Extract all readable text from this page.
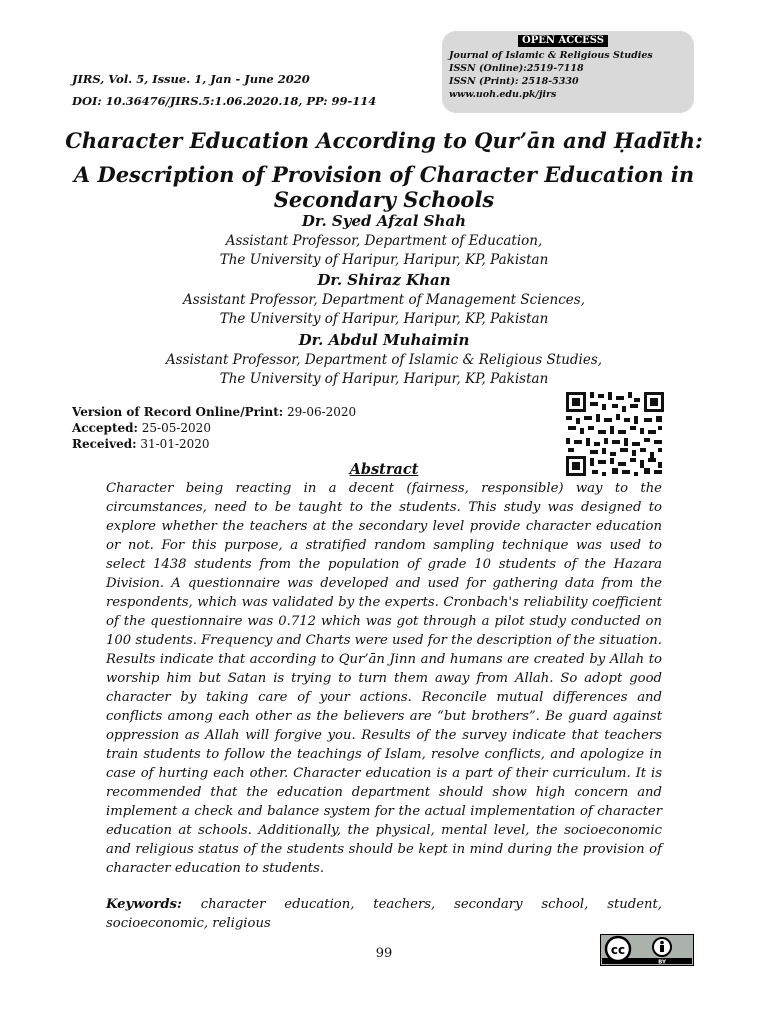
JIRS, Vol. 5, Issue. 1, Jan - June 2020
DOI: 10.36476/JIRS.5:1.06.2020.18, PP: 99-114
OPEN ACCESS
Journal of Islamic & Religious Studies
ISSN (Online):2519-7118
ISSN (Print): 2518-5330
www.uoh.edu.pk/jirs
Character Education According to Qur’ān and Ḥadīth:
A Description of Provision of Character Education in Secondary Schools
Dr. Syed Afzal Shah
Assistant Professor, Department of Education,
The University of Haripur, Haripur, KP, Pakistan
Dr. Shiraz Khan
Assistant Professor, Department of Management Sciences,
The University of Haripur, Haripur, KP, Pakistan
Dr. Abdul Muhaimin
Assistant Professor, Department of Islamic & Religious Studies,
The University of Haripur, Haripur, KP, Pakistan
Version of Record Online/Print: 29-06-2020
Accepted: 25-05-2020
Received: 31-01-2020
Abstract
Character being reacting in a decent (fairness, responsible) way to the circumstances, need to be taught to the students. This study was designed to explore whether the teachers at the secondary level provide character education or not. For this purpose, a stratified random sampling technique was used to select 1438 students from the population of grade 10 students of the Hazara Division. A questionnaire was developed and used for gathering data from the respondents, which was validated by the experts. Cronbach's reliability coefficient of the questionnaire was 0.712 which was got through a pilot study conducted on 100 students. Frequency and Charts were used for the description of the situation. Results indicate that according to Qur’ān Jinn and humans are created by Allah to worship him but Satan is trying to turn them away from Allah. So adopt good character by taking care of your actions. Reconcile mutual differences and conflicts among each other as the believers are “but brothers”. Be guard against oppression as Allah will forgive you. Results of the survey indicate that teachers train students to follow the teachings of Islam, resolve conflicts, and apologize in case of hurting each other. Character education is a part of their curriculum. It is recommended that the education department should show high concern and implement a check and balance system for the actual implementation of character education at schools. Additionally, the physical, mental level, the socioeconomic and religious status of the students should be kept in mind during the provision of character education to students.
Keywords: character education, teachers, secondary school, student, socioeconomic, religious
99	cc
BY
